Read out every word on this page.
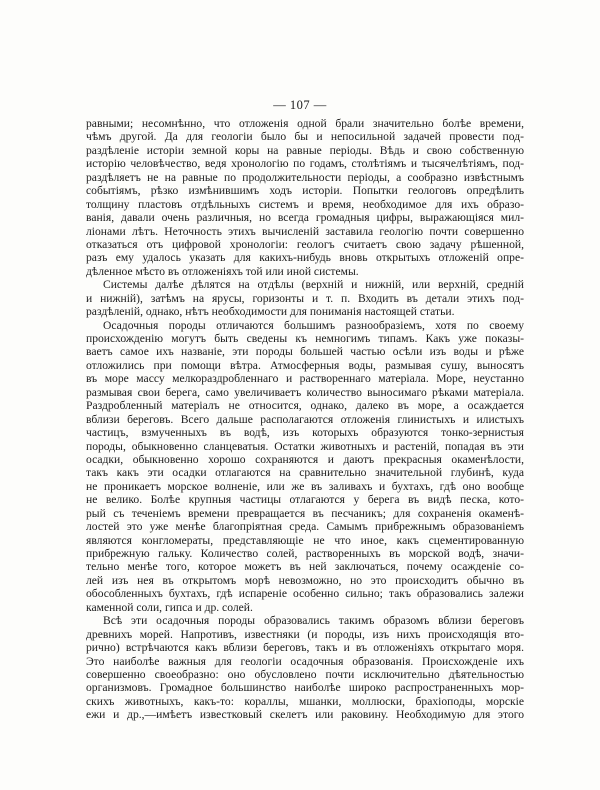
— 107 —
равными; несомнѣнно, что отложенія одной брали значительно болѣе времени,
чѣмъ другой. Да для геологіи было бы и непосильной задачей провести под-
раздѣленіе исторіи земной коры на равные періоды. Вѣдь и свою собственную
исторію человѣчество, ведя хронологію по годамъ, столѣтіямъ и тысячелѣтіямъ, под-
раздѣляетъ не на равные по продолжительности періоды, а сообразно извѣстнымъ
событіямъ, рѣзко измѣнившимъ ходъ исторіи. Попытки геологовъ опредѣлить
толщину пластовъ отдѣльныхъ системъ и время, необходимое для ихъ образо-
ванія, давали очень различныя, но всегда громадныя цифры, выражающіяся мил-
ліонами лѣтъ. Неточность этихъ вычисленій заставила геологію почти совершенно
отказаться отъ цифровой хронологіи: геологъ считаетъ свою задачу рѣшенной,
разъ ему удалось указать для какихъ-нибудь вновь открытыхъ отложеній опре-
дѣленное мѣсто въ отложеніяхъ той или иной системы.
Системы далѣе дѣлятся на отдѣлы (верхній и нижній, или верхній, средній
и нижній), затѣмъ на ярусы, горизонты и т. п. Входить въ детали этихъ под-
раздѣленій, однако, нѣтъ необходимости для пониманія настоящей статьи.
Осадочныя породы отличаются большимъ разнообразіемъ, хотя по своему
происхожденію могутъ быть сведены къ немногимъ типамъ. Какъ уже показы-
ваетъ самое ихъ названіе, эти породы большей частью осѣли изъ воды и рѣже
отложились при помощи вѣтра. Атмосферныя воды, размывая сушу, выносятъ
въ море массу мелкораздробленнаго и раствореннаго матеріала. Море, неустанно
размывая свои берега, само увеличиваетъ количество выносимаго рѣками матеріала.
Раздробленный матеріалъ не относится, однако, далеко въ море, а осаждается
вблизи береговъ. Всего дальше располагаются отложенія глинистыхъ и илистыхъ
частицъ, взмученныхъ въ водѣ, изъ которыхъ образуются тонко-зернистыя
породы, обыкновенно сланцеватыя. Остатки животныхъ и растеній, попадая въ эти
осадки, обыкновенно хорошо сохраняются и даютъ прекрасныя окаменѣлости,
такъ какъ эти осадки отлагаются на сравнительно значительной глубинѣ, куда
не проникаетъ морское волненіе, или же въ заливахъ и бухтахъ, гдѣ оно вообще
не велико. Болѣе крупныя частицы отлагаются у берега въ видѣ песка, кото-
рый съ теченіемъ времени превращается въ песчаникъ; для сохраненія окаменѣ-
лостей это уже менѣе благопріятная среда. Самымъ прибрежнымъ образованіемъ
являются конгломераты, представляющіе не что иное, какъ сцементированную
прибрежную гальку. Количество солей, растворенныхъ въ морской водѣ, значи-
тельно менѣе того, которое можетъ въ ней заключаться, почему осажденіе со-
лей изъ нея въ открытомъ морѣ невозможно, но это происходитъ обычно въ
обособленныхъ бухтахъ, гдѣ испареніе особенно сильно; такъ образовались залежи
каменной соли, гипса и др. солей.
Всѣ эти осадочныя породы образовались такимъ образомъ вблизи береговъ
древнихъ морей. Напротивъ, известняки (и породы, изъ нихъ происходящія вто-
рично) встрѣчаются какъ вблизи береговъ, такъ и въ отложеніяхъ открытаго моря.
Это наиболѣе важныя для геологіи осадочныя образованія. Происхожденіе ихъ
совершенно своеобразно: оно обусловлено почти исключительно дѣятельностью
организмовъ. Громадное большинство наиболѣе широко распространенныхъ мор-
скихъ животныхъ, какъ-то: кораллы, мшанки, моллюски, брахіоподы, морскіе
ежи и др.,—имѣетъ известковый скелетъ или раковину. Необходимую для этого
